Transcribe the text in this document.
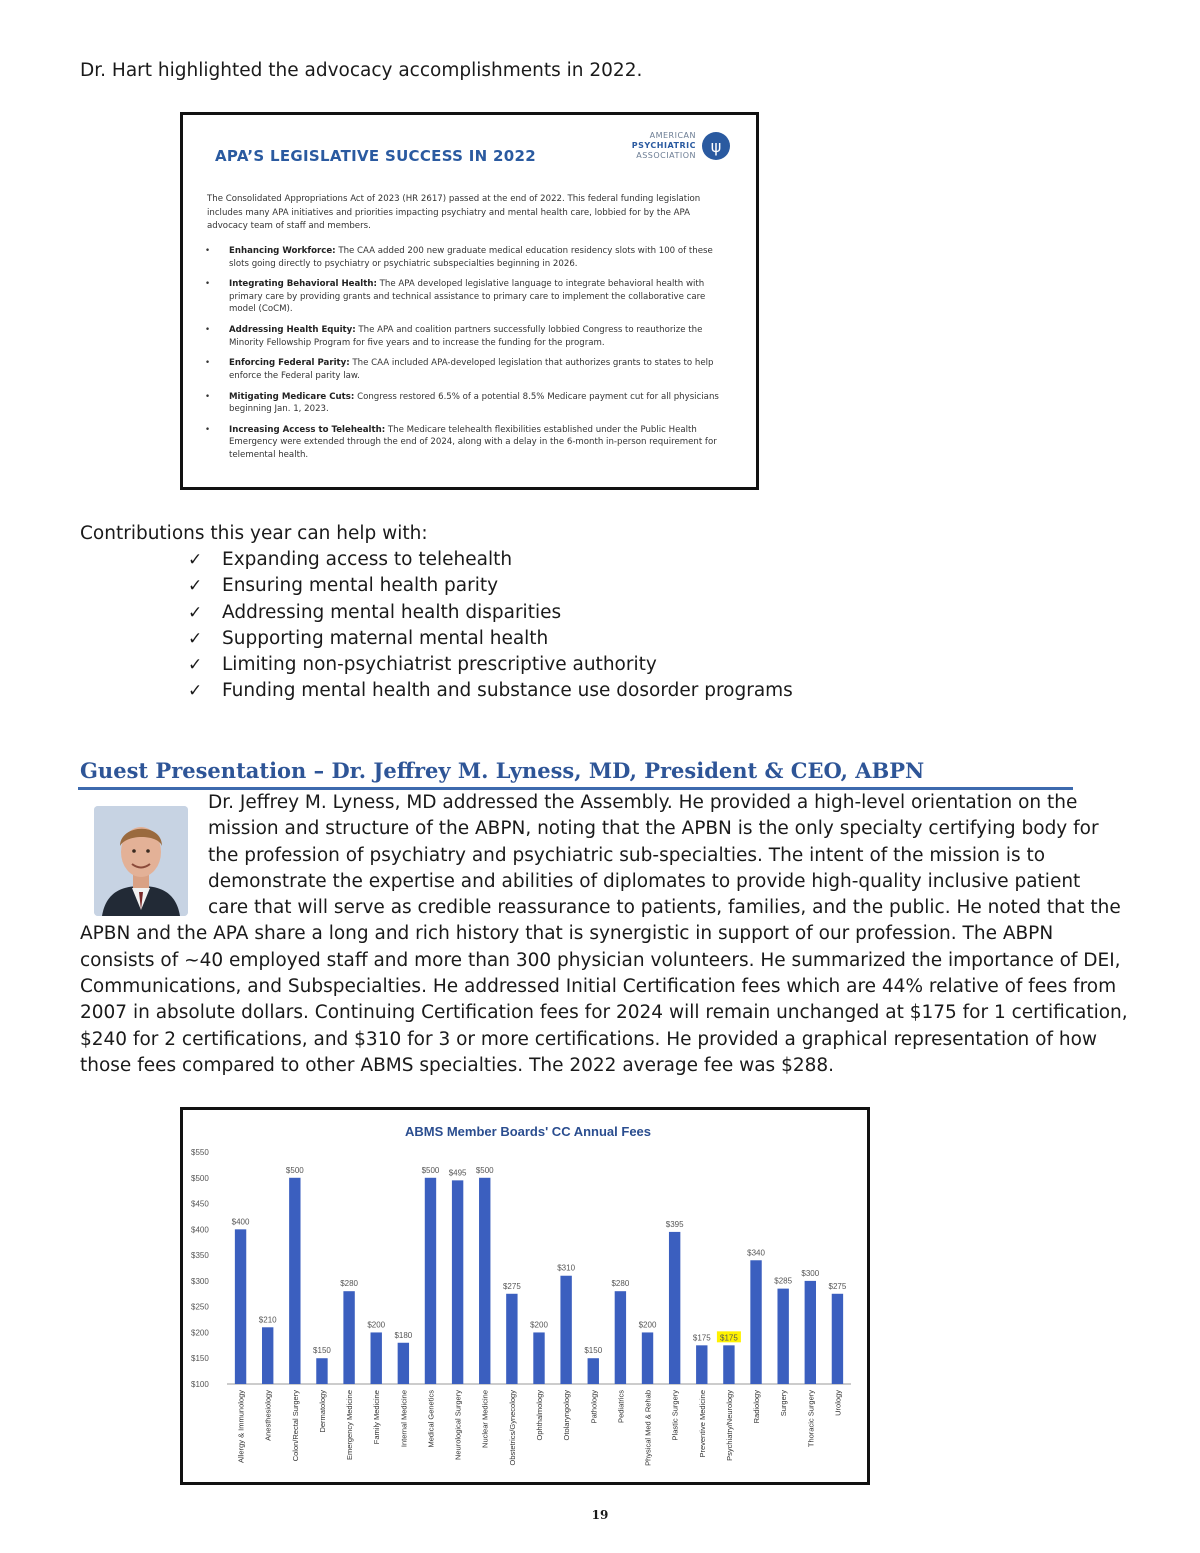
Dr. Hart highlighted the advocacy accomplishments in 2022.
APA’S LEGISLATIVE SUCCESS IN 2022
AMERICAN
PSYCHIATRIC
ASSOCIATION ψ
The Consolidated Appropriations Act of 2023 (HR 2617) passed at the end of 2022. This federal funding legislation includes many APA initiatives and priorities impacting psychiatry and mental health care, lobbied for by the APA advocacy team of staff and members.
• Enhancing Workforce: The CAA added 200 new graduate medical education residency slots with 100 of these slots going directly to psychiatry or psychiatric subspecialties beginning in 2026.
• Integrating Behavioral Health: The APA developed legislative language to integrate behavioral health with primary care by providing grants and technical assistance to primary care to implement the collaborative care model (CoCM).
• Addressing Health Equity: The APA and coalition partners successfully lobbied Congress to reauthorize the Minority Fellowship Program for five years and to increase the funding for the program.
• Enforcing Federal Parity: The CAA included APA-developed legislation that authorizes grants to states to help enforce the Federal parity law.
• Mitigating Medicare Cuts: Congress restored 6.5% of a potential 8.5% Medicare payment cut for all physicians beginning Jan. 1, 2023.
• Increasing Access to Telehealth: The Medicare telehealth flexibilities established under the Public Health Emergency were extended through the end of 2024, along with a delay in the 6-month in-person requirement for telemental health.
Contributions this year can help with:
✓	Expanding access to telehealth
✓	Ensuring mental health parity
✓	Addressing mental health disparities
✓	Supporting maternal mental health
✓	Limiting non-psychiatrist prescriptive authority
✓	Funding mental health and substance use dosorder programs
Guest Presentation – Dr. Jeffrey M. Lyness, MD, President & CEO, ABPN
Dr. Jeffrey M. Lyness, MD addressed the Assembly. He provided a high-level orientation on the
mission and structure of the ABPN, noting that the APBN is the only specialty certifying body for
the profession of psychiatry and psychiatric sub-specialties. The intent of the mission is to
demonstrate the expertise and abilities of diplomates to provide high-quality inclusive patient
care that will serve as credible reassurance to patients, families, and the public. He noted that the
APBN and the APA share a long and rich history that is synergistic in support of our profession. The ABPN
consists of ~40 employed staff and more than 300 physician volunteers. He summarized the importance of DEI,
Communications, and Subspecialties. He addressed Initial Certification fees which are 44% relative of fees from
2007 in absolute dollars. Continuing Certification fees for 2024 will remain unchanged at $175 for 1 certification,
$240 for 2 certifications, and $310 for 3 or more certifications. He provided a graphical representation of how
those fees compared to other ABMS specialties. The 2022 average fee was $288.
ABMS Member Boards' CC Annual Fees
$550
$500
$450
$400
$350
$300
$250
$200
$150
$100
$400
Allergy & Immunology
$210
Anesthesiology
$500
Colon/Rectal Surgery
$150
Dermatology
$280
Emergency Medicine
$200
Family Medicine
$180
Internal Medicine
$500
Medical Genetics
$495
Neurological Surgery
$500
Nuclear Medicine
$275
Obstetrics/Gynecology
$200
Ophthalmology
$310
Otolaryngology
$150
Pathology
$280
Pediatrics
$200
Physical Med & Rehab
$395
Plastic Surgery
$175
Preventive Medicine
$175
Psychiatry/Neurology
$340
Radiology
$285
Surgery
$300
Thoracic Surgery
$275
Urology
19
